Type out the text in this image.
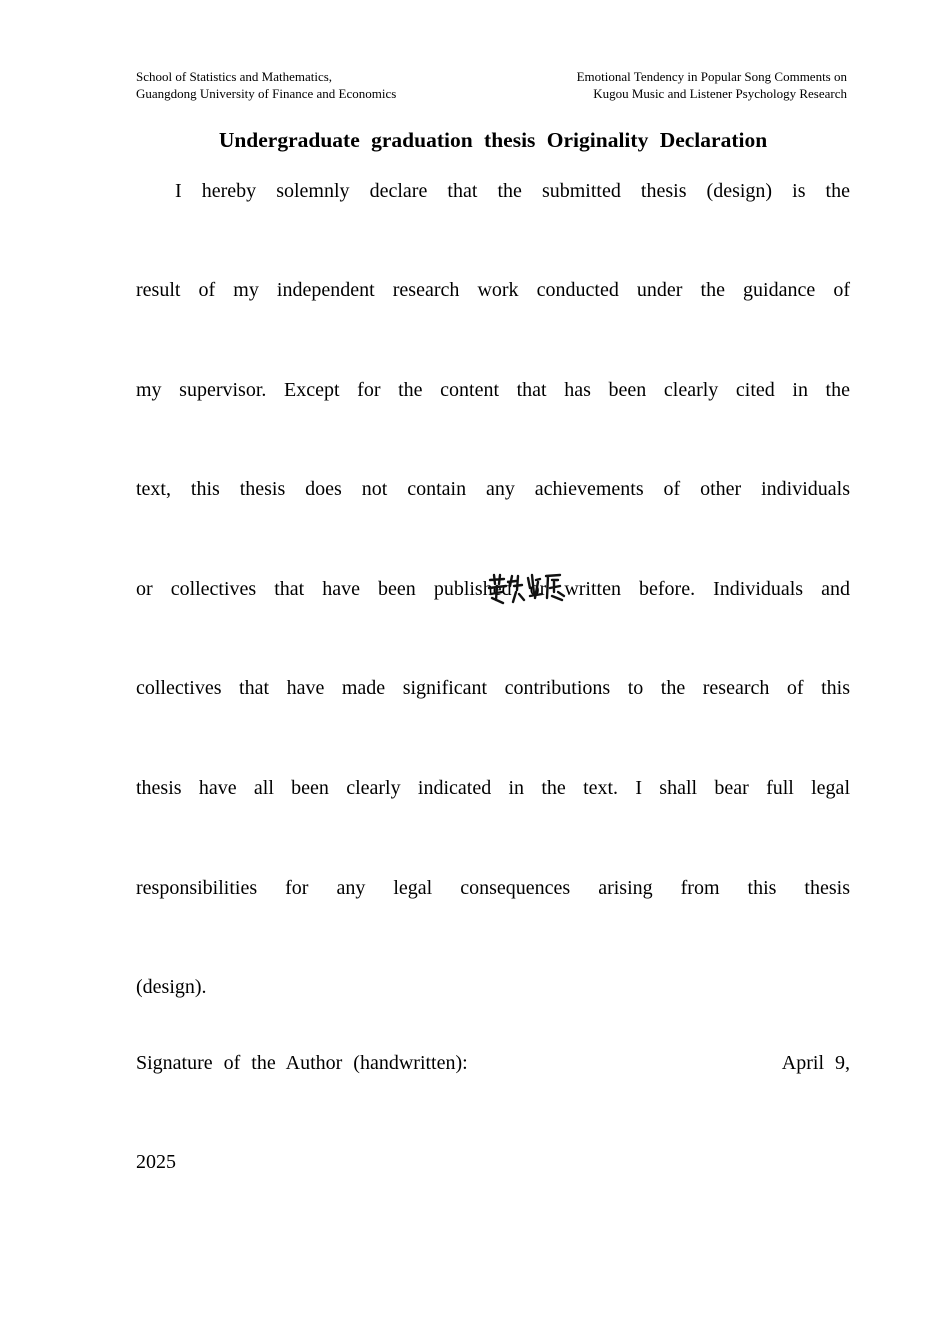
School of Statistics and Mathematics,
Guangdong University of Finance and Economics
Emotional Tendency in Popular Song Comments on
Kugou Music and Listener Psychology Research
Undergraduate graduation thesis Originality Declaration
I hereby solemnly declare that the submitted thesis (design) is the
result of my independent research work conducted under the guidance of
my supervisor. Except for the content that has been clearly cited in the
text, this thesis does not contain any achievements of other individuals
or collectives that have been published or written before. Individuals and
collectives that have made significant contributions to the research of this
thesis have all been clearly indicated in the text. I shall bear full legal
responsibilities for any legal consequences arising from this thesis
(design).
Signature of the Author (handwritten):	April 9,
2025
